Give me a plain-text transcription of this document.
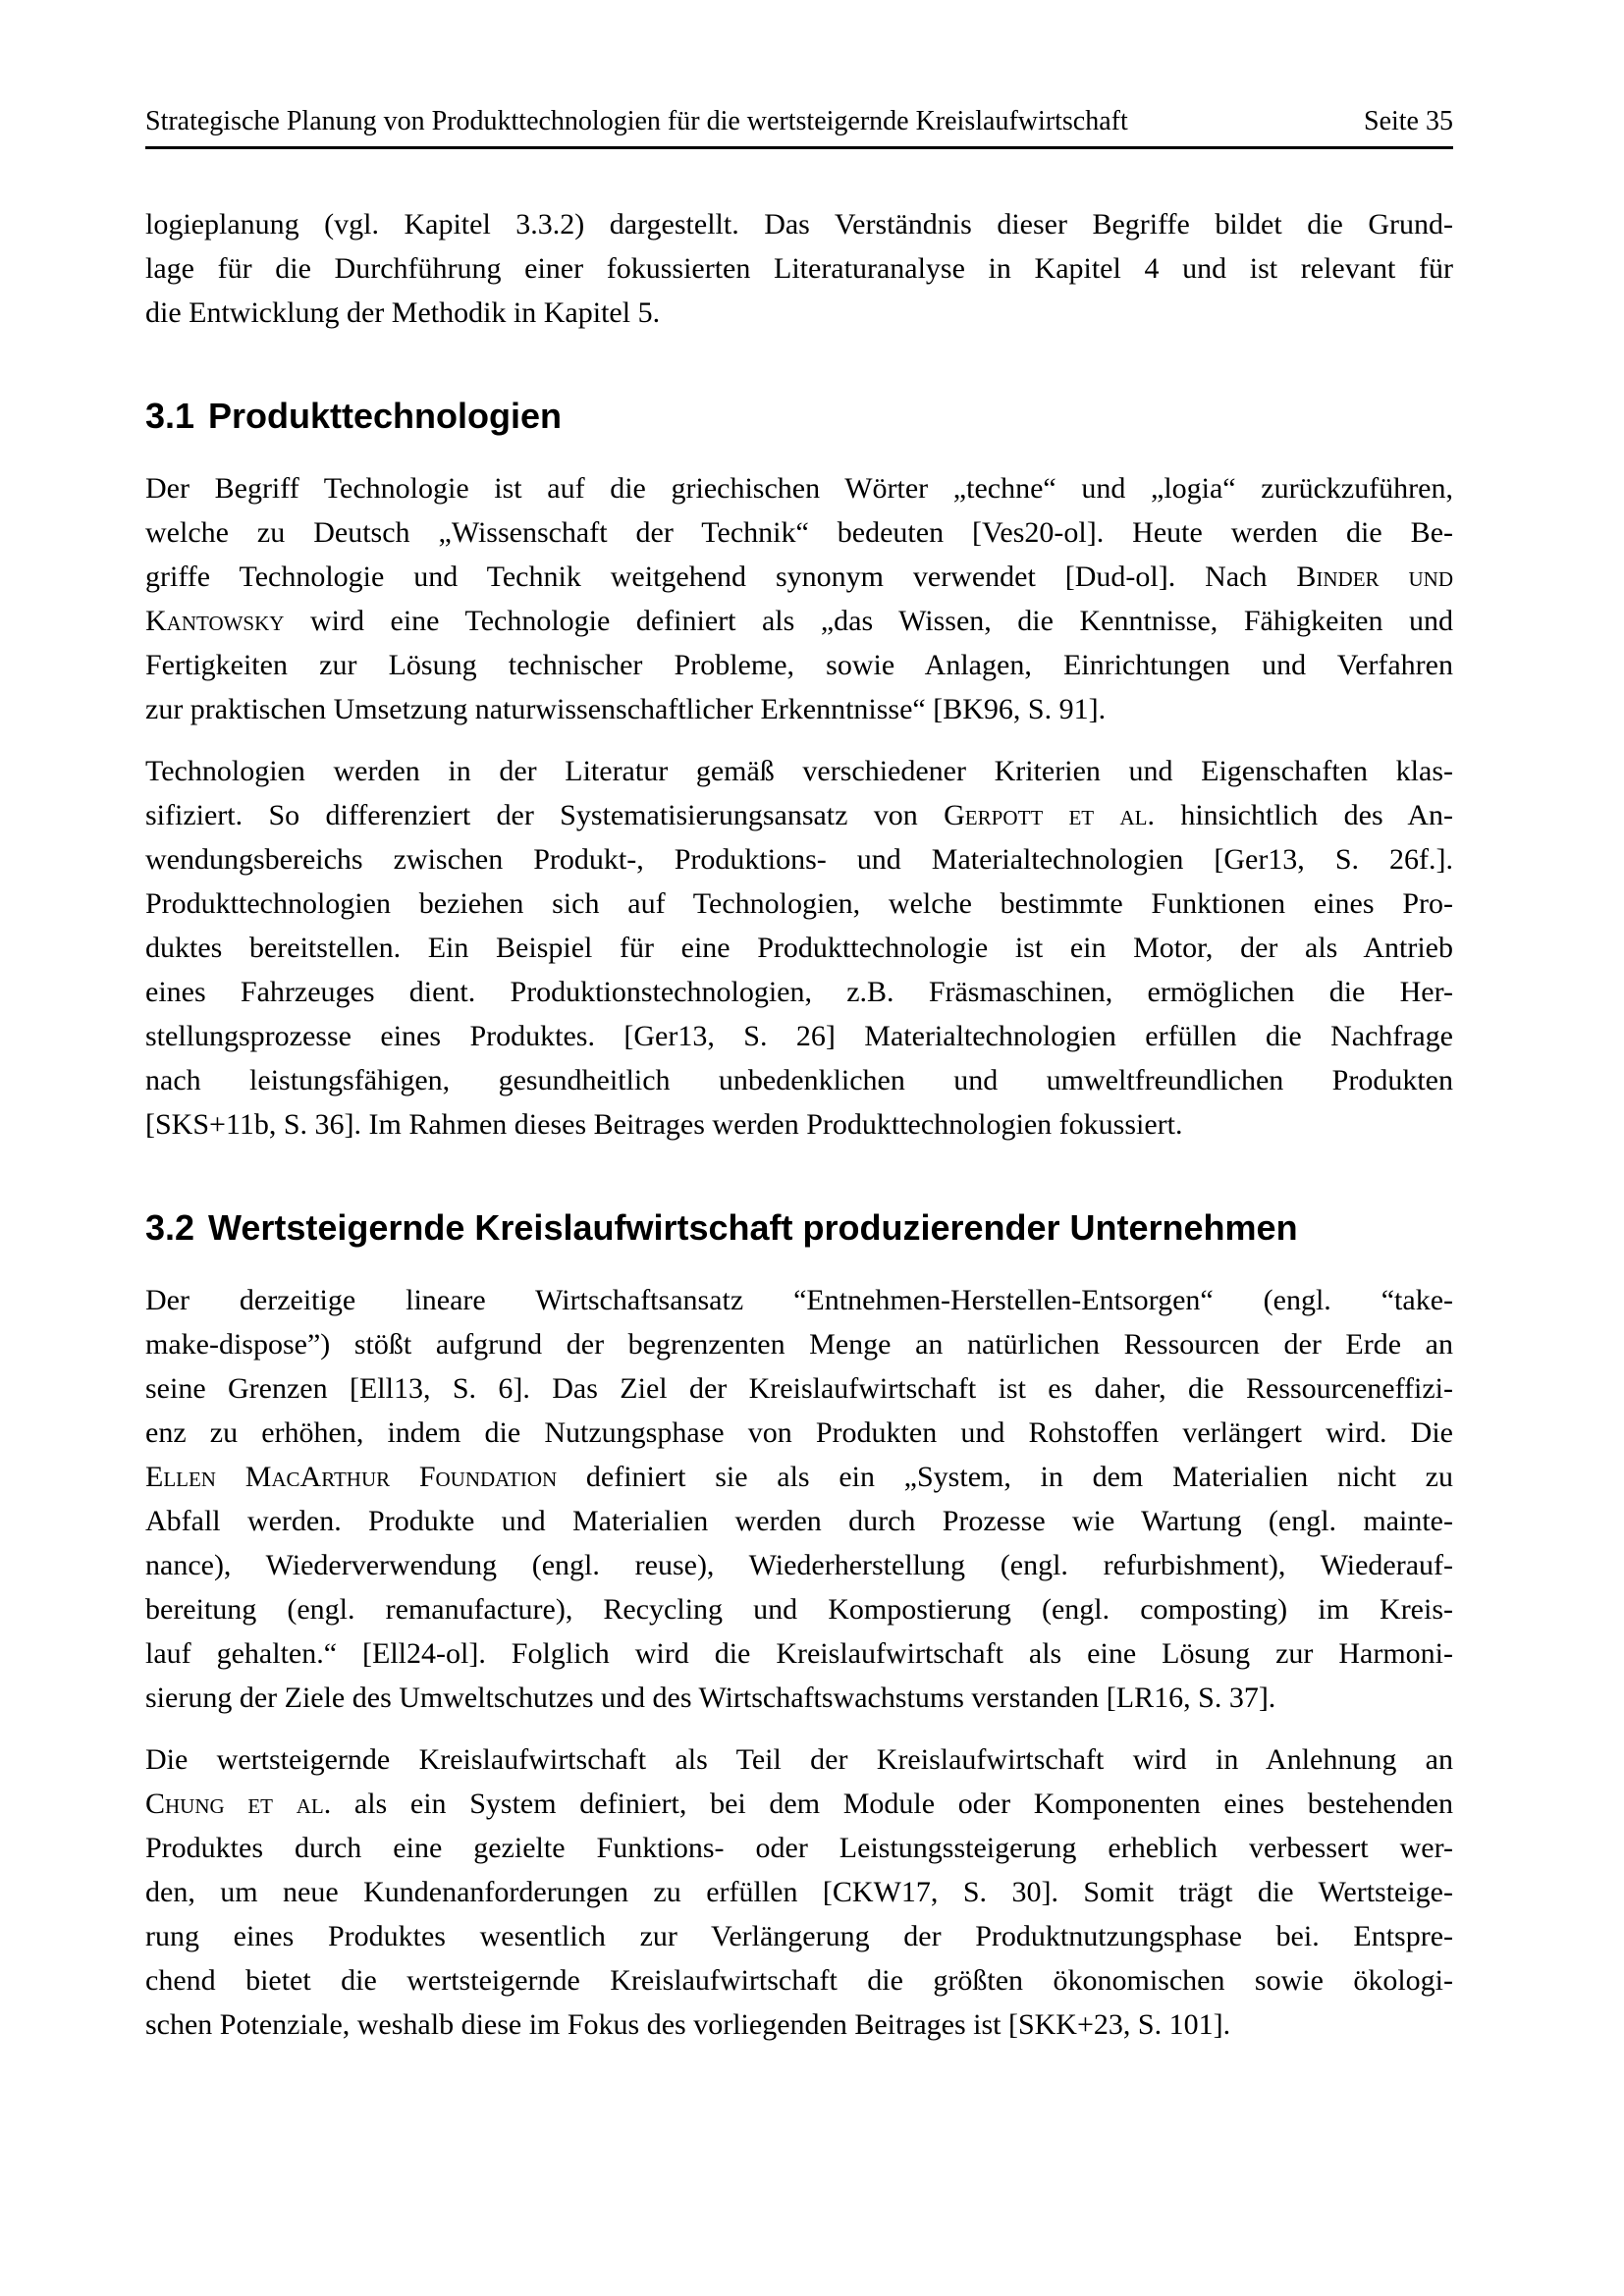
Strategische Planung von Produkttechnologien für die wertsteigernde Kreislaufwirtschaft	Seite 35
logieplanung (vgl. Kapitel 3.3.2) dargestellt. Das Verständnis dieser Begriffe bildet die Grund-
lage für die Durchführung einer fokussierten Literaturanalyse in Kapitel 4 und ist relevant für
die Entwicklung der Methodik in Kapitel 5.
3.1 Produkttechnologien
Der Begriff Technologie ist auf die griechischen Wörter „techne“ und „logia“ zurückzuführen,
welche zu Deutsch „Wissenschaft der Technik“ bedeuten [Ves20-ol]. Heute werden die Be-
griffe Technologie und Technik weitgehend synonym verwendet [Dud-ol]. Nach Binder und
Kantowsky wird eine Technologie definiert als „das Wissen, die Kenntnisse, Fähigkeiten und
Fertigkeiten zur Lösung technischer Probleme, sowie Anlagen, Einrichtungen und Verfahren
zur praktischen Umsetzung naturwissenschaftlicher Erkenntnisse“ [BK96, S. 91].
Technologien werden in der Literatur gemäß verschiedener Kriterien und Eigenschaften klas-
sifiziert. So differenziert der Systematisierungsansatz von Gerpott et al. hinsichtlich des An-
wendungsbereichs zwischen Produkt-, Produktions- und Materialtechnologien [Ger13, S. 26f.].
Produkttechnologien beziehen sich auf Technologien, welche bestimmte Funktionen eines Pro-
duktes bereitstellen. Ein Beispiel für eine Produkttechnologie ist ein Motor, der als Antrieb
eines Fahrzeuges dient. Produktionstechnologien, z.B. Fräsmaschinen, ermöglichen die Her-
stellungsprozesse eines Produktes. [Ger13, S. 26] Materialtechnologien erfüllen die Nachfrage
nach leistungsfähigen, gesundheitlich unbedenklichen und umweltfreundlichen Produkten
[SKS+11b, S. 36]. Im Rahmen dieses Beitrages werden Produkttechnologien fokussiert.
3.2 Wertsteigernde Kreislaufwirtschaft produzierender Unternehmen
Der derzeitige lineare Wirtschaftsansatz “Entnehmen-Herstellen-Entsorgen“ (engl. “take-
make-dispose”) stößt aufgrund der begrenzenten Menge an natürlichen Ressourcen der Erde an
seine Grenzen [Ell13, S. 6]. Das Ziel der Kreislaufwirtschaft ist es daher, die Ressourceneffizi-
enz zu erhöhen, indem die Nutzungsphase von Produkten und Rohstoffen verlängert wird. Die
Ellen MacArthur Foundation definiert sie als ein „System, in dem Materialien nicht zu
Abfall werden. Produkte und Materialien werden durch Prozesse wie Wartung (engl. mainte-
nance), Wiederverwendung (engl. reuse), Wiederherstellung (engl. refurbishment), Wiederauf-
bereitung (engl. remanufacture), Recycling und Kompostierung (engl. composting) im Kreis-
lauf gehalten.“ [Ell24-ol]. Folglich wird die Kreislaufwirtschaft als eine Lösung zur Harmoni-
sierung der Ziele des Umweltschutzes und des Wirtschaftswachstums verstanden [LR16, S. 37].
Die wertsteigernde Kreislaufwirtschaft als Teil der Kreislaufwirtschaft wird in Anlehnung an
Chung et al. als ein System definiert, bei dem Module oder Komponenten eines bestehenden
Produktes durch eine gezielte Funktions- oder Leistungssteigerung erheblich verbessert wer-
den, um neue Kundenanforderungen zu erfüllen [CKW17, S. 30]. Somit trägt die Wertsteige-
rung eines Produktes wesentlich zur Verlängerung der Produktnutzungsphase bei. Entspre-
chend bietet die wertsteigernde Kreislaufwirtschaft die größten ökonomischen sowie ökologi-
schen Potenziale, weshalb diese im Fokus des vorliegenden Beitrages ist [SKK+23, S. 101].
